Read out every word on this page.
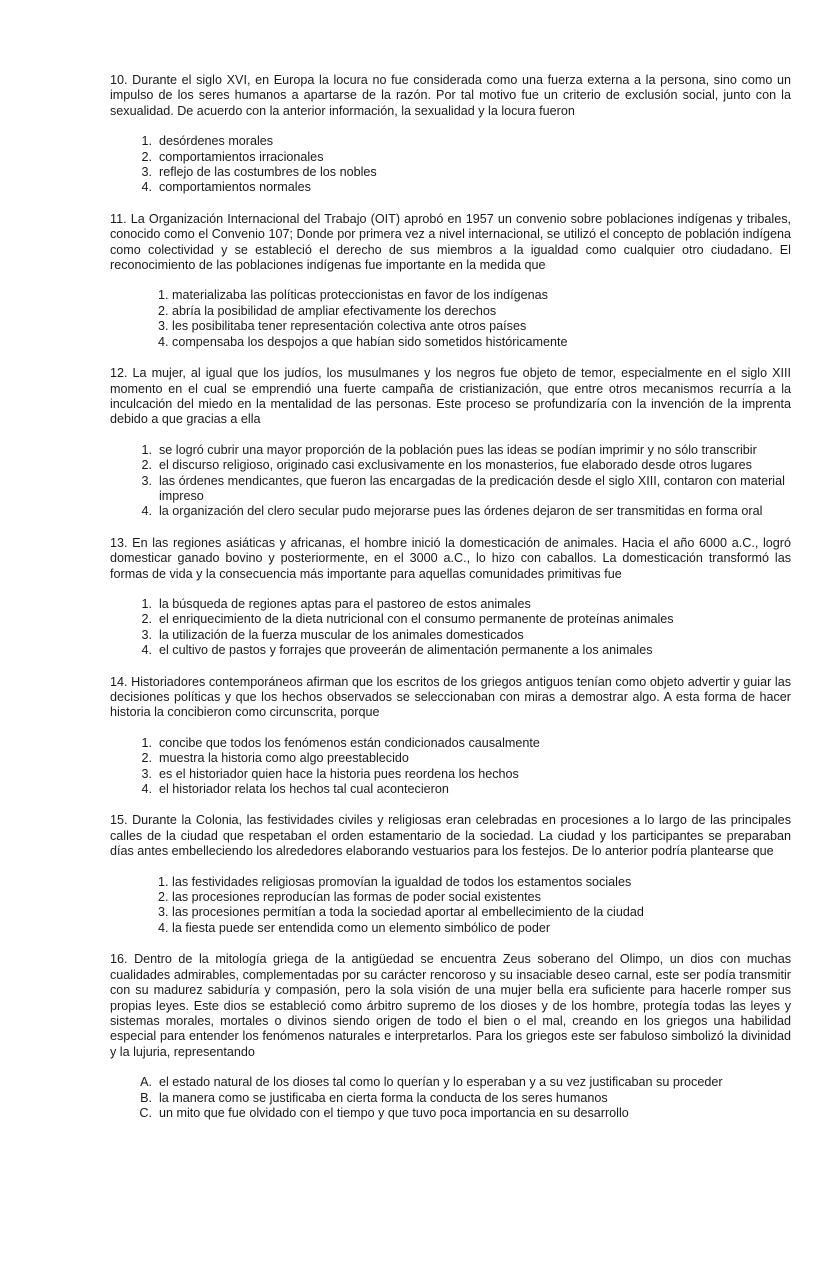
10. Durante el siglo XVI, en Europa la locura no fue considerada como una fuerza externa a la persona, sino como un impulso de los seres humanos a apartarse de la razón. Por tal motivo fue un criterio de exclusión social, junto con la sexualidad. De acuerdo con la anterior información, la sexualidad y la locura fueron

1. desórdenes morales
2. comportamientos irracionales
3. reflejo de las costumbres de los nobles
4. comportamientos normales

11. La Organización Internacional del Trabajo (OIT) aprobó en 1957 un convenio sobre poblaciones indígenas y tribales, conocido como el Convenio 107; Donde por primera vez a nivel internacional, se utilizó el concepto de población indígena como colectividad y se estableció el derecho de sus miembros a la igualdad como cualquier otro ciudadano. El reconocimiento de las poblaciones indígenas fue importante en la medida que

1. materializaba las políticas proteccionistas en favor de los indígenas
2. abría la posibilidad de ampliar efectivamente los derechos
3. les posibilitaba tener representación colectiva ante otros países
4. compensaba los despojos a que habían sido sometidos históricamente

12. La mujer, al igual que los judíos, los musulmanes y los negros fue objeto de temor, especialmente en el siglo XIII momento en el cual se emprendió una fuerte campaña de cristianización, que entre otros mecanismos recurría a la inculcación del miedo en la mentalidad de las personas. Este proceso se profundizaría con la invención de la imprenta debido a que gracias a ella

1. se logró cubrir una mayor proporción de la población pues las ideas se podían imprimir y no sólo transcribir
2. el discurso religioso, originado casi exclusivamente en los monasterios, fue elaborado desde otros lugares
3. las órdenes mendicantes, que fueron las encargadas de la predicación desde el siglo XIII, contaron con material impreso
4. la organización del clero secular pudo mejorarse pues las órdenes dejaron de ser transmitidas en forma oral

13. En las regiones asiáticas y africanas, el hombre inició la domesticación de animales. Hacia el año 6000 a.C., logró domesticar ganado bovino y posteriormente, en el 3000 a.C., lo hizo con caballos. La domesticación transformó las formas de vida y la consecuencia más importante para aquellas comunidades primitivas fue

1. la búsqueda de regiones aptas para el pastoreo de estos animales
2. el enriquecimiento de la dieta nutricional con el consumo permanente de proteínas animales
3. la utilización de la fuerza muscular de los animales domesticados
4. el cultivo de pastos y forrajes que proveerán de alimentación permanente a los animales

14. Historiadores contemporáneos afirman que los escritos de los griegos antiguos tenían como objeto advertir y guiar las decisiones políticas y que los hechos observados se seleccionaban con miras a demostrar algo. A esta forma de hacer historia la concibieron como circunscrita, porque

1. concibe que todos los fenómenos están condicionados causalmente
2. muestra la historia como algo preestablecido
3. es el historiador quien hace la historia pues reordena los hechos
4. el historiador relata los hechos tal cual acontecieron

15. Durante la Colonia, las festividades civiles y religiosas eran celebradas en procesiones a lo largo de las principales calles de la ciudad que respetaban el orden estamentario de la sociedad. La ciudad y los participantes se preparaban días antes embelleciendo los alrededores elaborando vestuarios para los festejos. De lo anterior podría plantearse que

1. las festividades religiosas promovían la igualdad de todos los estamentos sociales
2. las procesiones reproducían las formas de poder social existentes
3. las procesiones permitían a toda la sociedad aportar al embellecimiento de la ciudad
4. la fiesta puede ser entendida como un elemento simbólico de poder

16. Dentro de la mitología griega de la antigüedad se encuentra Zeus soberano del Olimpo, un dios con muchas cualidades admirables, complementadas por su carácter rencoroso y su insaciable deseo carnal, este ser podía transmitir con su madurez sabiduría y compasión, pero la sola visión de una mujer bella era suficiente para hacerle romper sus propias leyes. Este dios se estableció como árbitro supremo de los dioses y de los hombre, protegía todas las leyes y sistemas morales, mortales o divinos siendo origen de todo el bien o el mal, creando en los griegos una habilidad especial para entender los fenómenos naturales e interpretarlos. Para los griegos este ser fabuloso simbolizó la divinidad y la lujuria, representando

A. el estado natural de los dioses tal como lo querían y lo esperaban y a su vez justificaban su proceder
B. la manera como se justificaba en cierta forma la conducta de los seres humanos
C. un mito que fue olvidado con el tiempo y que tuvo poca importancia en su desarrollo
